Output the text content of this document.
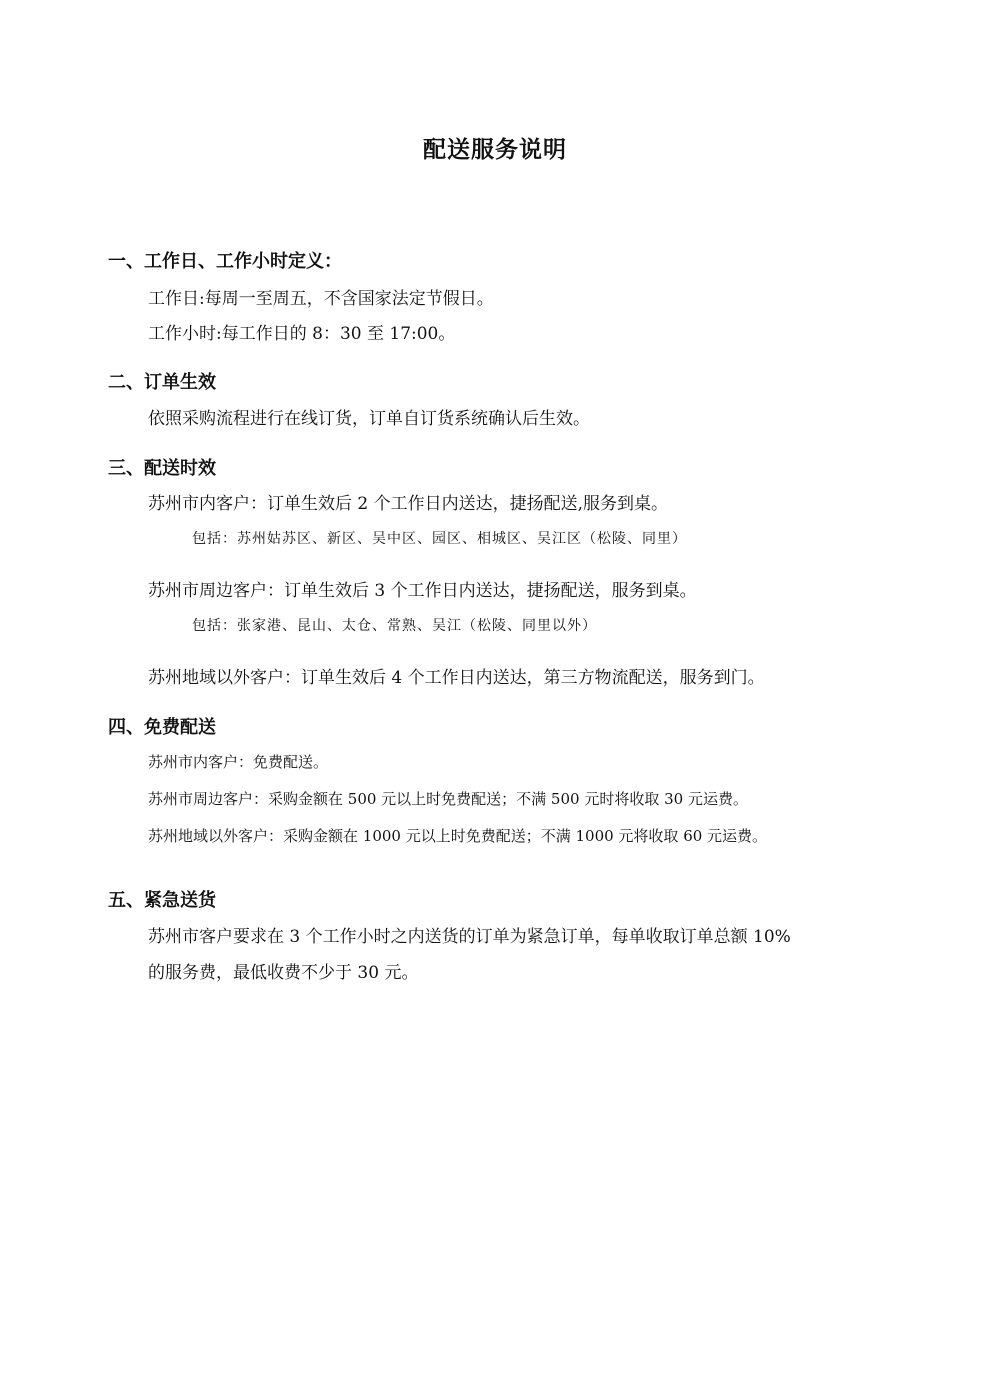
配送服务说明
一、工作日、工作小时定义：
工作日:每周一至周五，不含国家法定节假日。
工作小时:每工作日的 8：30 至 17:00。
二、订单生效
依照采购流程进行在线订货，订单自订货系统确认后生效。
三、配送时效
苏州市内客户：订单生效后 2 个工作日内送达，捷扬配送,服务到桌。
包括：苏州姑苏区、新区、吴中区、园区、相城区、吴江区（松陵、同里）
苏州市周边客户：订单生效后 3 个工作日内送达，捷扬配送，服务到桌。
包括：张家港、昆山、太仓、常熟、吴江（松陵、同里以外）
苏州地域以外客户：订单生效后 4 个工作日内送达，第三方物流配送，服务到门。
四、免费配送
苏州市内客户：免费配送。
苏州市周边客户：采购金额在 500 元以上时免费配送；不满 500 元时将收取 30 元运费。
苏州地域以外客户：采购金额在 1000 元以上时免费配送；不满 1000 元将收取 60 元运费。
五、紧急送货
苏州市客户要求在 3 个工作小时之内送货的订单为紧急订单，每单收取订单总额 10%
的服务费，最低收费不少于 30 元。
